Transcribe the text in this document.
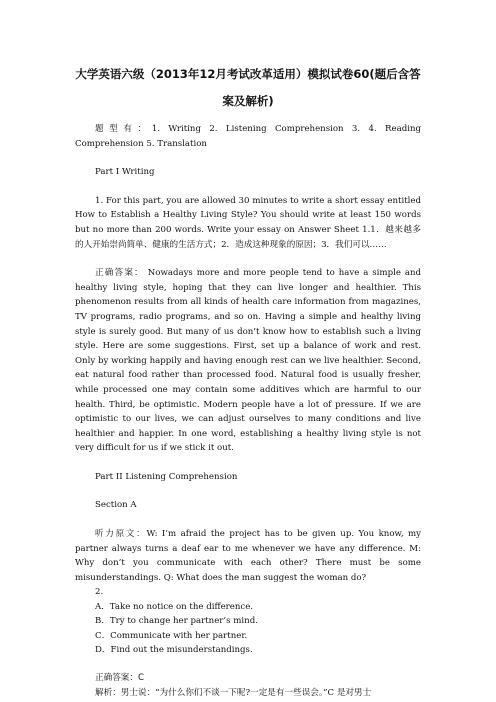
大学英语六级（2013年12月考试改革适用）模拟试卷60(题后含答
案及解析)

题型有：1. Writing 2. Listening Comprehension 3. 4. Reading Comprehension 5. Translation

Part I Writing

1. For this part, you are allowed 30 minutes to write a short essay entitled How to Establish a Healthy Living Style? You should write at least 150 words but no more than 200 words. Write your essay on Answer Sheet 1.1．越来越多的人开始崇尚简单、健康的生活方式；2．造成这种现象的原因；3．我们可以……

正确答案： Nowadays more and more people tend to have a simple and healthy living style, hoping that they can live longer and healthier. This phenomenon results from all kinds of health care information from magazines, TV programs, radio programs, and so on. Having a simple and healthy living style is surely good. But many of us don’t know how to establish such a living style. Here are some suggestions. First, set up a balance of work and rest. Only by working happily and having enough rest can we live healthier. Second, eat natural food rather than processed food. Natural food is usually fresher, while processed one may contain some additives which are harmful to our health. Third, be optimistic. Modern people have a lot of pressure. If we are optimistic to our lives, we can adjust ourselves to many conditions and live healthier and happier. In one word, establishing a healthy living style is not very difficult for us if we stick it out.

Part II Listening Comprehension

Section A

听力原文：W: I’m afraid the project has to be given up. You know, my partner always turns a deaf ear to me whenever we have any difference. M: Why don’t you communicate with each other? There must be some misunderstandings. Q: What does the man suggest the woman do?

2.

A．Take no notice on the difference.
B．Try to change her partner’s mind.
C．Communicate with her partner.
D．Find out the misunderstandings.

正确答案：C

解析：男士说：“为什么你们不谈一下呢?一定是有一些误会。”C 是对男士
